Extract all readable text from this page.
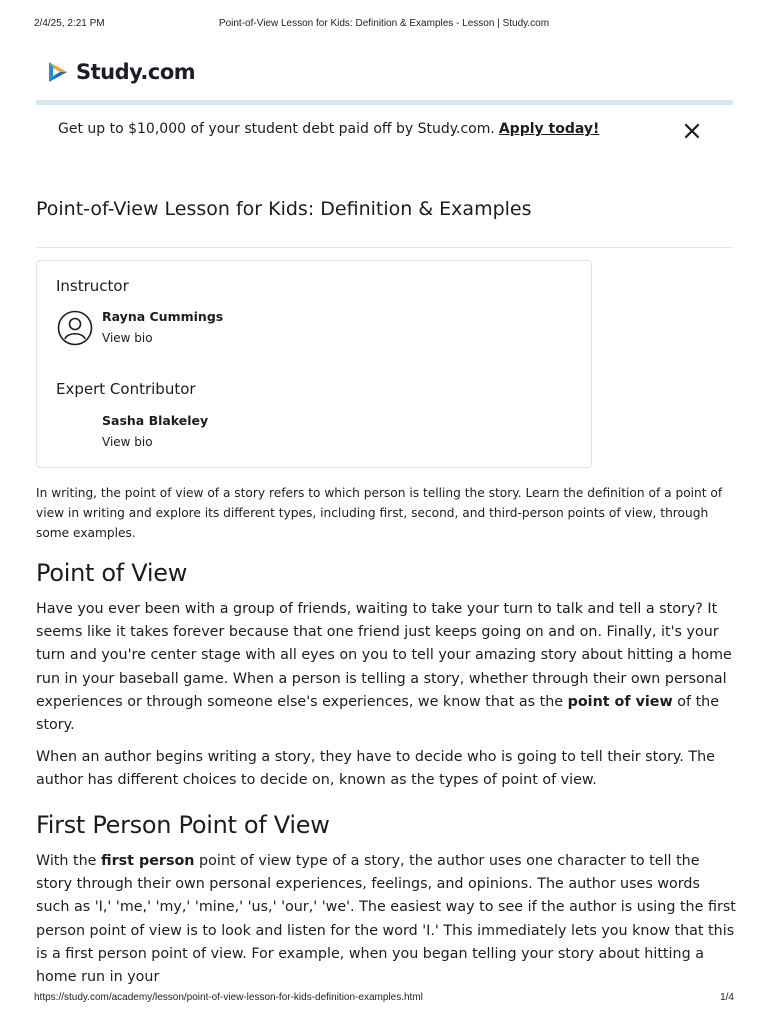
2/4/25, 2:21 PM	Point-of-View Lesson for Kids: Definition & Examples - Lesson | Study.com
Study.com
Get up to $10,000 of your student debt paid off by Study.com. Apply today!
Point-of-View Lesson for Kids: Definition & Examples
Instructor
Rayna Cummings
View bio
Expert Contributor
Sasha Blakeley
View bio

In writing, the point of view of a story refers to which person is telling the story. Learn the definition of a point of view in writing and explore its different types, including first, second, and third-person points of view, through some examples.

Point of View

Have you ever been with a group of friends, waiting to take your turn to talk and tell a story? It seems like it takes forever because that one friend just keeps going on and on. Finally, it's your turn and you're center stage with all eyes on you to tell your amazing story about hitting a home run in your baseball game. When a person is telling a story, whether through their own personal experiences or through someone else's experiences, we know that as the point of view of the story.

When an author begins writing a story, they have to decide who is going to tell their story. The author has different choices to decide on, known as the types of point of view.

First Person Point of View

With the first person point of view type of a story, the author uses one character to tell the story through their own personal experiences, feelings, and opinions. The author uses words such as 'I,' 'me,' 'my,' 'mine,' 'us,' 'our,' 'we'. The easiest way to see if the author is using the first person point of view is to look and listen for the word 'I.' This immediately lets you know that this is a first person point of view. For example, when you began telling your story about hitting a home run in your

https://study.com/academy/lesson/point-of-view-lesson-for-kids-definition-examples.html	1/4
